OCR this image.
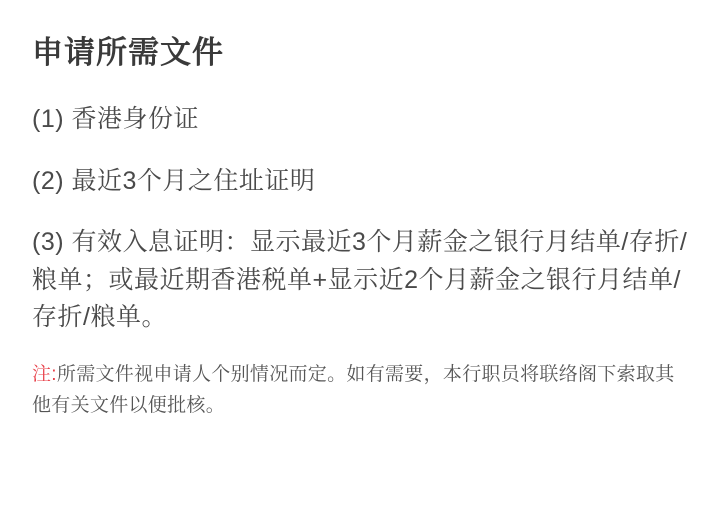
申请所需文件

(1) 香港身份证

(2) 最近3个月之住址证明

(3) 有效入息证明：显示最近3个月薪金之银行月结单/存折/粮单；或最近期香港税单+显示近2个月薪金之银行月结单/存折/粮单。

注:所需文件视申请人个别情况而定。如有需要，本行职员将联络阁下索取其他有关文件以便批核。
